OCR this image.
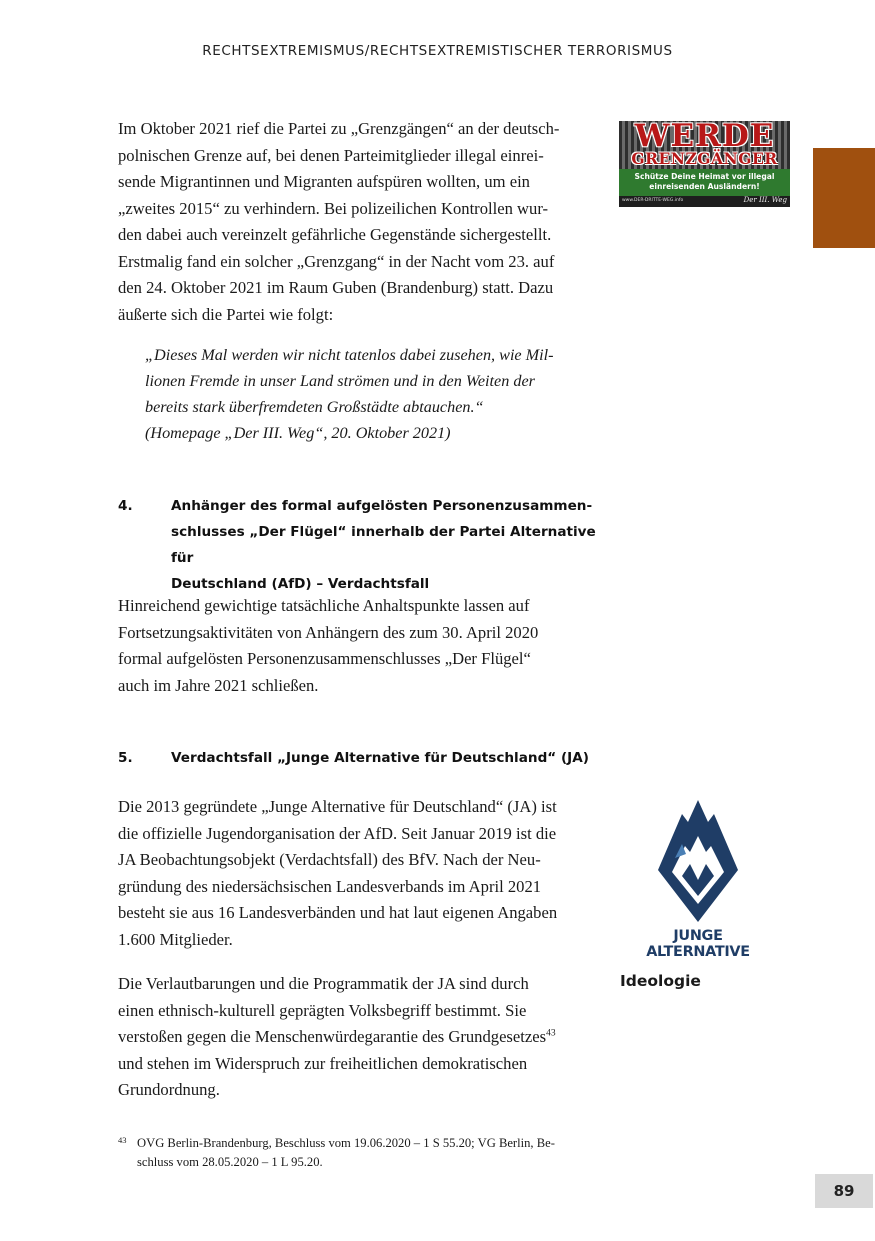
RECHTSEXTREMISMUS/RECHTSEXTREMISTISCHER TERRORISMUS
Im Oktober 2021 rief die Partei zu „Grenzgängen“ an der deutsch-
polnischen Grenze auf, bei denen Parteimitglieder illegal einrei-
sende Migrantinnen und Migranten aufspüren wollten, um ein
„zweites 2015“ zu verhindern. Bei polizeilichen Kontrollen wur-
den dabei auch vereinzelt gefährliche Gegenstände sichergestellt.
Erstmalig fand ein solcher „Grenzgang“ in der Nacht vom 23. auf
den 24. Oktober 2021 im Raum Guben (Brandenburg) statt. Dazu
äußerte sich die Partei wie folgt:
„Dieses Mal werden wir nicht tatenlos dabei zusehen, wie Mil-
lionen Fremde in unser Land strömen und in den Weiten der
bereits stark überfremdeten Großstädte abtauchen.“
(Homepage „Der III. Weg“, 20. Oktober 2021)
4.	Anhänger des formal aufgelösten Personenzusammen-
schlusses „Der Flügel“ innerhalb der Partei Alternative für
Deutschland (AfD) – Verdachtsfall
Hinreichend gewichtige tatsächliche Anhaltspunkte lassen auf
Fortsetzungsaktivitäten von Anhängern des zum 30. April 2020
formal aufgelösten Personenzusammenschlusses „Der Flügel“
auch im Jahre 2021 schließen.
5.	Verdachtsfall „Junge Alternative für Deutschland“ (JA)
Die 2013 gegründete „Junge Alternative für Deutschland“ (JA) ist
die offizielle Jugendorganisation der AfD. Seit Januar 2019 ist die
JA Beobachtungsobjekt (Verdachtsfall) des BfV. Nach der Neu-
gründung des niedersächsischen Landesverbands im April 2021
besteht sie aus 16 Landesverbänden und hat laut eigenen Angaben
1.600 Mitglieder.
Die Verlautbarungen und die Programmatik der JA sind durch
einen ethnisch-kulturell geprägten Volksbegriff bestimmt. Sie
verstoßen gegen die Menschenwürdegarantie des Grundgesetzes$^{43}$
und stehen im Widerspruch zur freiheitlichen demokratischen
Grundordnung.
Ideologie
WERDE
GRENZGÄNGER
Schütze Deine Heimat vor illegal
einreisenden Ausländern!
www.DER-DRITTE-WEG.info	Der III. Weg
JUNGE ALTERNATIVE
43 OVG Berlin-Brandenburg, Beschluss vom 19.06.2020 – 1 S 55.20; VG Berlin, Be-
schluss vom 28.05.2020 – 1 L 95.20.
89
